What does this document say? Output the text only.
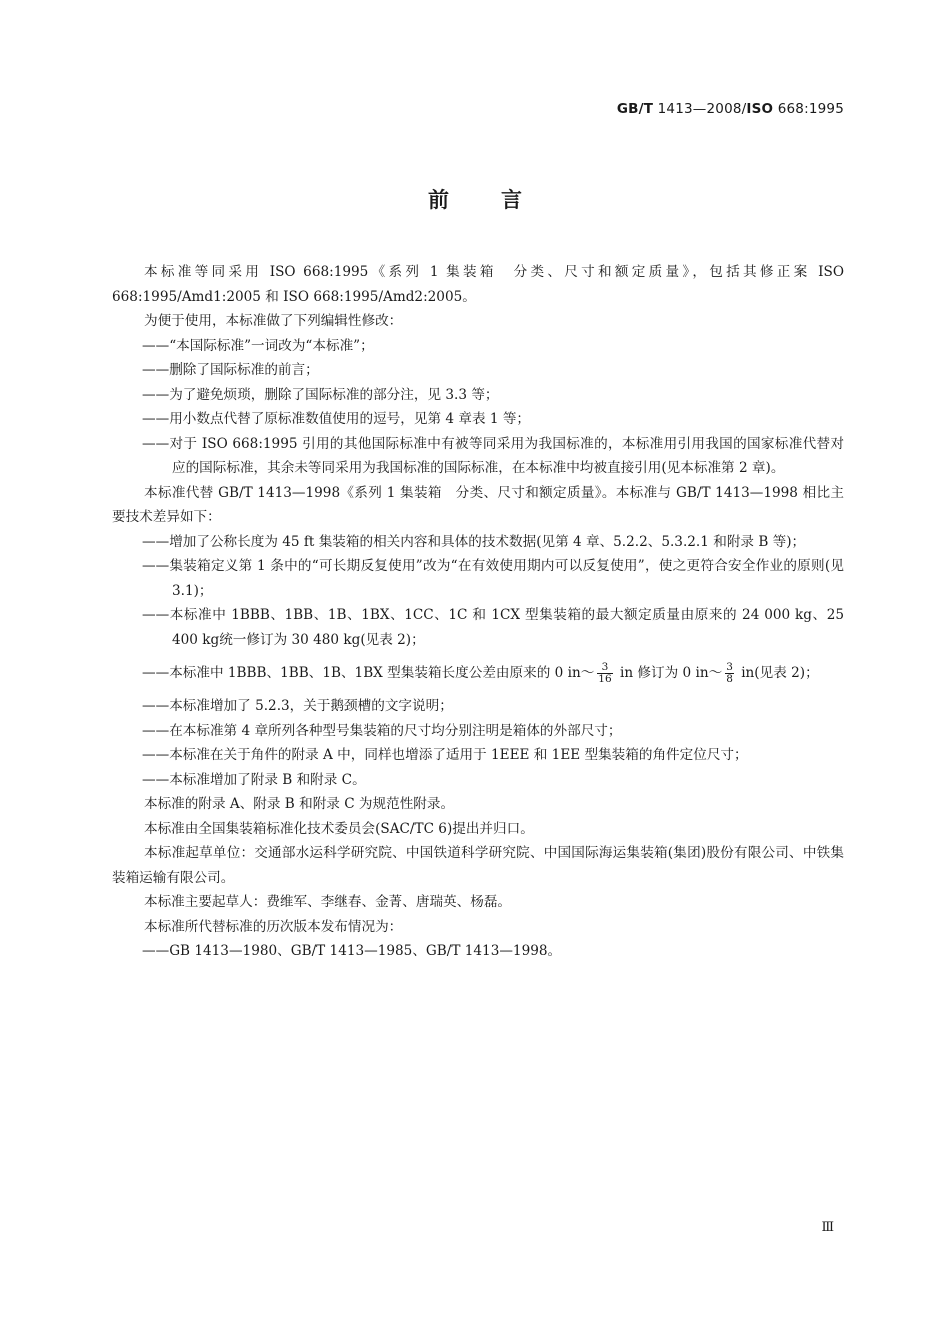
GB/T 1413—2008/ISO 668:1995
前 言

本标准等同采用 ISO 668:1995《系列 1 集装箱　分类、尺寸和额定质量》，包括其修正案 ISO 668:1995/Amd1:2005 和 ISO 668:1995/Amd2:2005。

为便于使用，本标准做了下列编辑性修改：

——“本国际标准”一词改为“本标准”；

——删除了国际标准的前言；

——为了避免烦琐，删除了国际标准的部分注，见 3.3 等；

——用小数点代替了原标准数值使用的逗号，见第 4 章表 1 等；

——对于 ISO 668:1995 引用的其他国际标准中有被等同采用为我国标准的，本标准用引用我国的国家标准代替对应的国际标准，其余未等同采用为我国标准的国际标准，在本标准中均被直接引用(见本标准第 2 章)。

本标准代替 GB/T 1413—1998《系列 1 集装箱　分类、尺寸和额定质量》。本标准与 GB/T 1413—1998 相比主要技术差异如下：

——增加了公称长度为 45 ft 集装箱的相关内容和具体的技术数据(见第 4 章、5.2.2、5.3.2.1 和附录 B 等)；

——集装箱定义第 1 条中的“可长期反复使用”改为“在有效使用期内可以反复使用”，使之更符合安全作业的原则(见 3.1)；

——本标准中 1BBB、1BB、1B、1BX、1CC、1C 和 1CX 型集装箱的最大额定质量由原来的 24 000 kg、25 400 kg统一修订为 30 480 kg(见表 2)；

——本标准中 1BBB、1BB、1B、1BX 型集装箱长度公差由原来的 0 in～ $\frac{3}{16}$ in 修订为 0 in～ $\frac{3}{8} in$(见表 2)；

——本标准增加了 5.2.3，关于鹅颈槽的文字说明；

——在本标准第 4 章所列各种型号集装箱的尺寸均分别注明是箱体的外部尺寸；

——本标准在关于角件的附录 A 中，同样也增添了适用于 1EEE 和 1EE 型集装箱的角件定位尺寸；

——本标准增加了附录 B 和附录 C。

本标准的附录 A、附录 B 和附录 C 为规范性附录。

本标准由全国集装箱标准化技术委员会(SAC/TC 6)提出并归口。

本标准起草单位：交通部水运科学研究院、中国铁道科学研究院、中国国际海运集装箱(集团)股份有限公司、中铁集装箱运输有限公司。

本标准主要起草人：费维军、李继春、金菁、唐瑞英、杨磊。

本标准所代替标准的历次版本发布情况为：

——GB 1413—1980、GB/T 1413—1985、GB/T 1413—1998。

Ⅲ
